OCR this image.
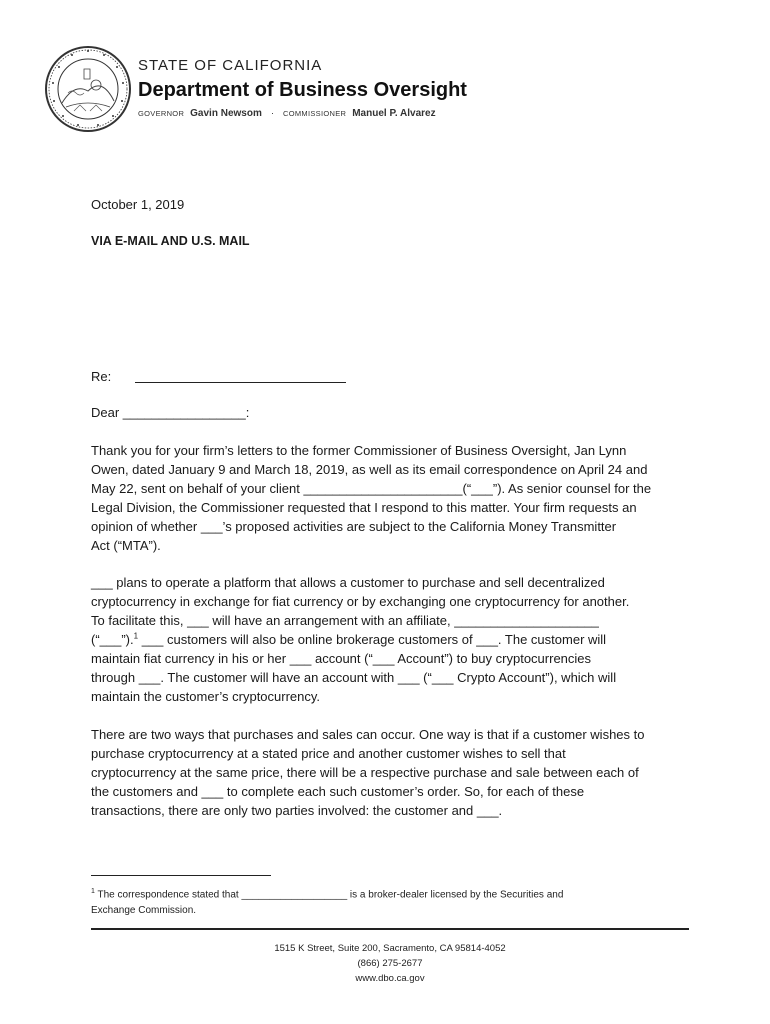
STATE OF CALIFORNIA
Department of Business Oversight
GOVERNOR Gavin Newsom · COMMISSIONER Manuel P. Alvarez
October 1, 2019
VIA E-MAIL AND U.S. MAIL
Re:
Dear _________________:
Thank you for your firm’s letters to the former Commissioner of Business Oversight, Jan Lynn
Owen, dated January 9 and March 18, 2019, as well as its email correspondence on April 24 and
May 22, sent on behalf of your client ______________________(“___”). As senior counsel for the
Legal Division, the Commissioner requested that I respond to this matter. Your firm requests an
opinion of whether ___’s proposed activities are subject to the California Money Transmitter
Act (“MTA”).
___ plans to operate a platform that allows a customer to purchase and sell decentralized
cryptocurrency in exchange for fiat currency or by exchanging one cryptocurrency for another.
To facilitate this, ___ will have an arrangement with an affiliate, ____________________
(“___”).$^1$ ___ customers will also be online brokerage customers of ___. The customer will
maintain fiat currency in his or her ___ account (“___ Account”) to buy cryptocurrencies
through ___. The customer will have an account with ___ (“___ Crypto Account”), which will
maintain the customer’s cryptocurrency.
There are two ways that purchases and sales can occur. One way is that if a customer wishes to
purchase cryptocurrency at a stated price and another customer wishes to sell that
cryptocurrency at the same price, there will be a respective purchase and sale between each of
the customers and ___ to complete each such customer’s order. So, for each of these
transactions, there are only two parties involved: the customer and ___.
$^1$ The correspondence stated that ___________________ is a broker-dealer licensed by the Securities and
Exchange Commission.
1515 K Street, Suite 200, Sacramento, CA 95814-4052
(866) 275-2677
www.dbo.ca.gov
